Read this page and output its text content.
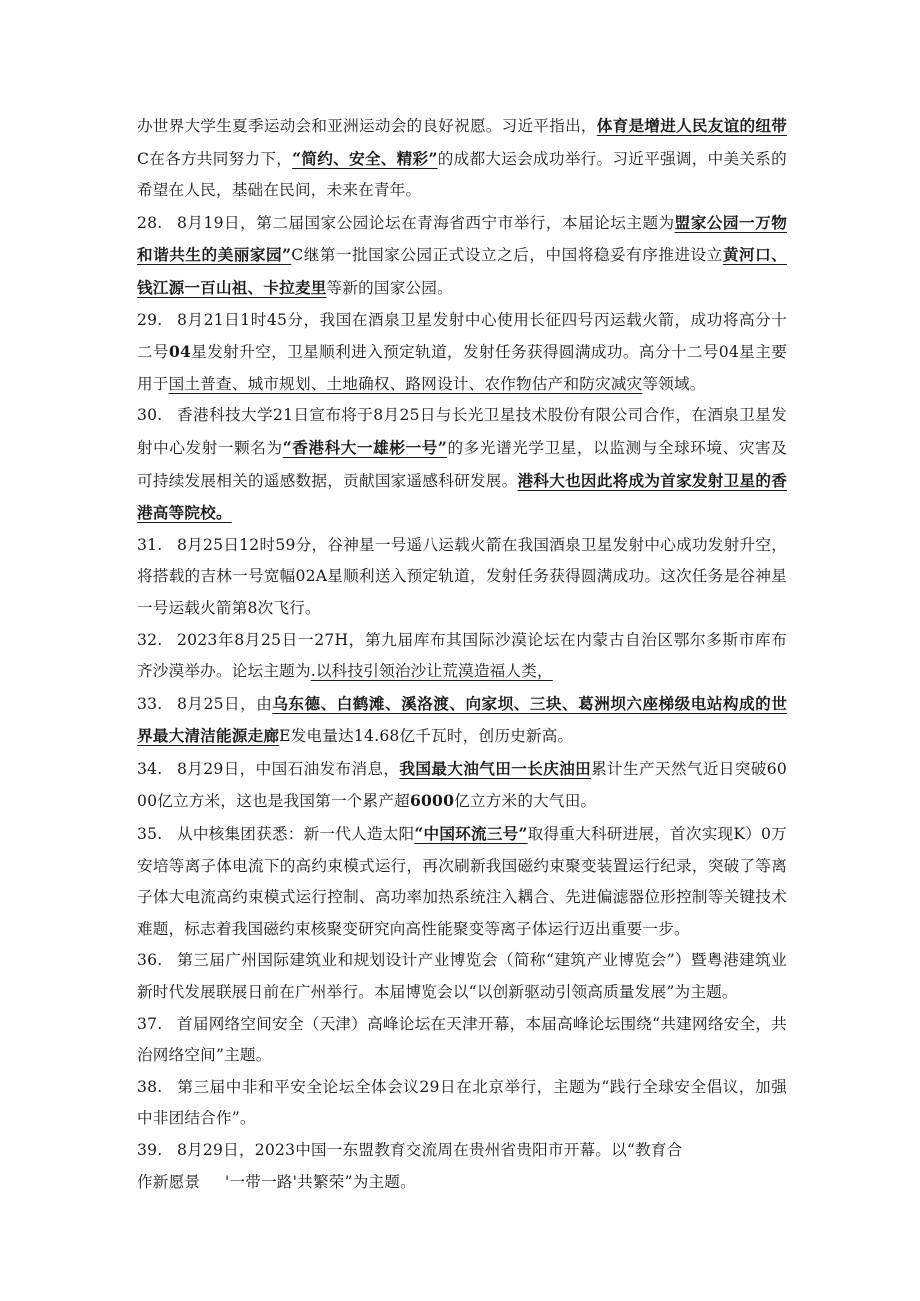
办世界大学生夏季运动会和亚洲运动会的良好祝愿。习近平指出，体育是增进人民友谊的纽带C在各方共同努力下，“简约、安全、精彩”的成都大运会成功举行。习近平强调，中美关系的希望在人民，基础在民间，未来在青年。

28. 8月19日，第二届国家公园论坛在青海省西宁市举行，本届论坛主题为盟家公园一万物和谐共生的美丽家园”C继第一批国家公园正式设立之后，中国将稳妥有序推进设立黄河口、钱江源一百山祖、卡拉麦里等新的国家公园。

29. 8月21日1时45分，我国在酒泉卫星发射中心使用长征四号丙运载火箭，成功将高分十二号04星发射升空，卫星顺利进入预定轨道，发射任务获得圆满成功。高分十二号04星主要用于国土普查、城市规划、土地确权、路网设计、农作物估产和防灾减灾等领域。

30. 香港科技大学21日宣布将于8月25日与长光卫星技术股份有限公司合作，在酒泉卫星发射中心发射一颗名为“香港科大一雄彬一号”的多光谱光学卫星，以监测与全球环境、灾害及可持续发展相关的遥感数据，贡献国家遥感科研发展。港科大也因此将成为首家发射卫星的香港高等院校。

31. 8月25日12时59分，谷神星一号遥八运载火箭在我国酒泉卫星发射中心成功发射升空，将搭载的吉林一号宽幅02A星顺利送入预定轨道，发射任务获得圆满成功。这次任务是谷神星一号运载火箭第8次飞行。

32. 2023年8月25日一27H，第九届库布其国际沙漠论坛在内蒙古自治区鄂尔多斯市库布齐沙漠举办。论坛主题为.以科技引领治沙让荒漠造福人类，

33. 8月25日，由乌东德、白鹤滩、溪洛渡、向家坝、三块、葛洲坝六座梯级电站构成的世界最大清洁能源走廊E发电量达14.68亿千瓦时，创历史新高。

34. 8月29日，中国石油发布消息，我国最大油气田一长庆油田累计生产天然气近日突破6000亿立方米，这也是我国第一个累产超6000亿立方米的大气田。

35. 从中核集团获悉：新一代人造太阳“中国环流三号”取得重大科研进展，首次实现K）0万安培等离子体电流下的高约束模式运行，再次刷新我国磁约束聚变装置运行纪录，突破了等离子体大电流高约束模式运行控制、高功率加热系统注入耦合、先进偏滤器位形控制等关键技术难题，标志着我国磁约束核聚变研究向高性能聚变等离子体运行迈出重要一步。

36. 第三届广州国际建筑业和规划设计产业博览会（简称“建筑产业博览会”）暨粤港建筑业新时代发展联展日前在广州举行。本届博览会以“以创新驱动引领高质量发展”为主题。

37. 首届网络空间安全（天津）高峰论坛在天津开幕，本届高峰论坛围绕“共建网络安全，共治网络空间”主题。

38. 第三届中非和平安全论坛全体会议29日在北京举行，主题为“践行全球安全倡议，加强中非团结合作”。

39. 8月29日，2023中国一东盟教育交流周在贵州省贵阳市开幕。以“教育合
作新愿景 '一带一路'共繁荣”为主题。
